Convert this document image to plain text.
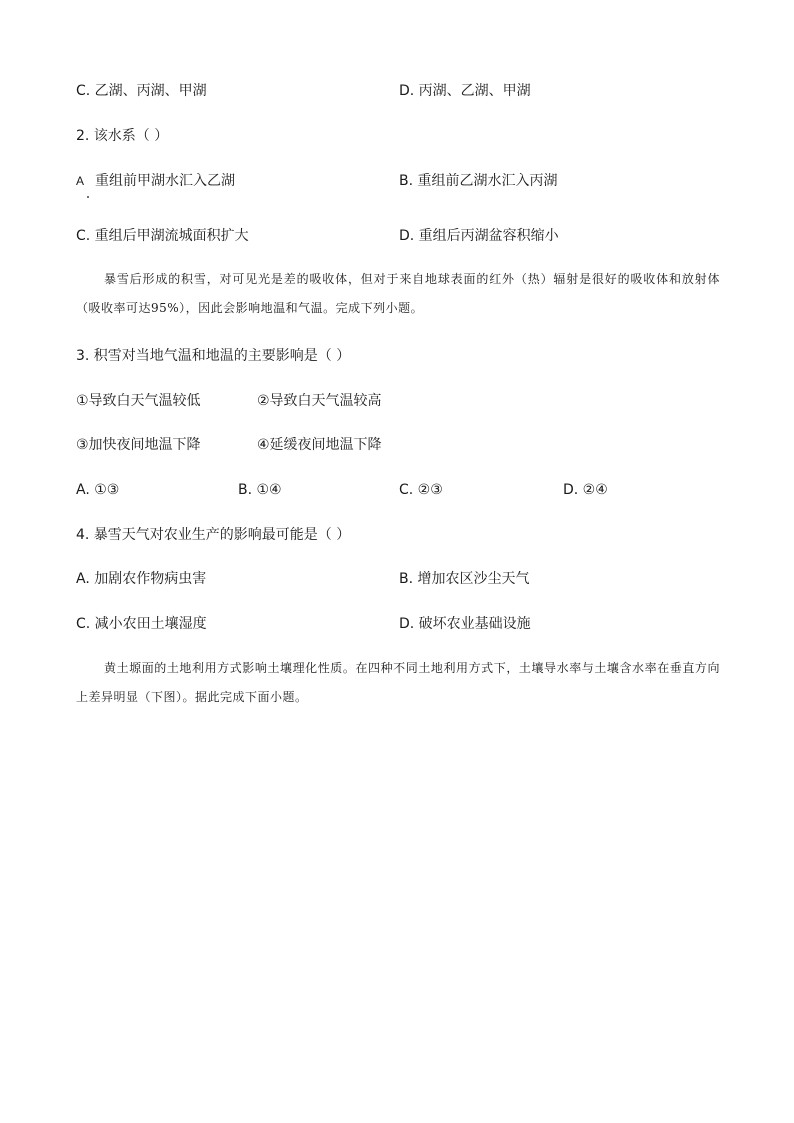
C. 乙湖、丙湖、甲湖	D. 丙湖、乙湖、甲湖
2. 该水系（ ）
A 重组前甲湖水汇入乙湖	B. 重组前乙湖水汇入丙湖
C. 重组后甲湖流城面积扩大	D. 重组后丙湖盆容积缩小
暴雪后形成的积雪，对可见光是差的吸收体，但对于来自地球表面的红外（热）辐射是很好的吸收体和放射体（吸收率可达95%），因此会影响地温和气温。完成下列小题。
3. 积雪对当地气温和地温的主要影响是（ ）
①导致白天气温较低	②导致白天气温较高
③加快夜间地温下降	④延缓夜间地温下降
A. ①③	B. ①④	C. ②③	D. ②④
4. 暴雪天气对农业生产的影响最可能是（ ）
A. 加剧农作物病虫害	B. 增加农区沙尘天气
C. 减小农田土壤湿度	D. 破坏农业基础设施
黄土塬面的土地利用方式影响土壤理化性质。在四种不同土地利用方式下，土壤导水率与土壤含水率在垂直方向上差异明显（下图）。据此完成下面小题。
